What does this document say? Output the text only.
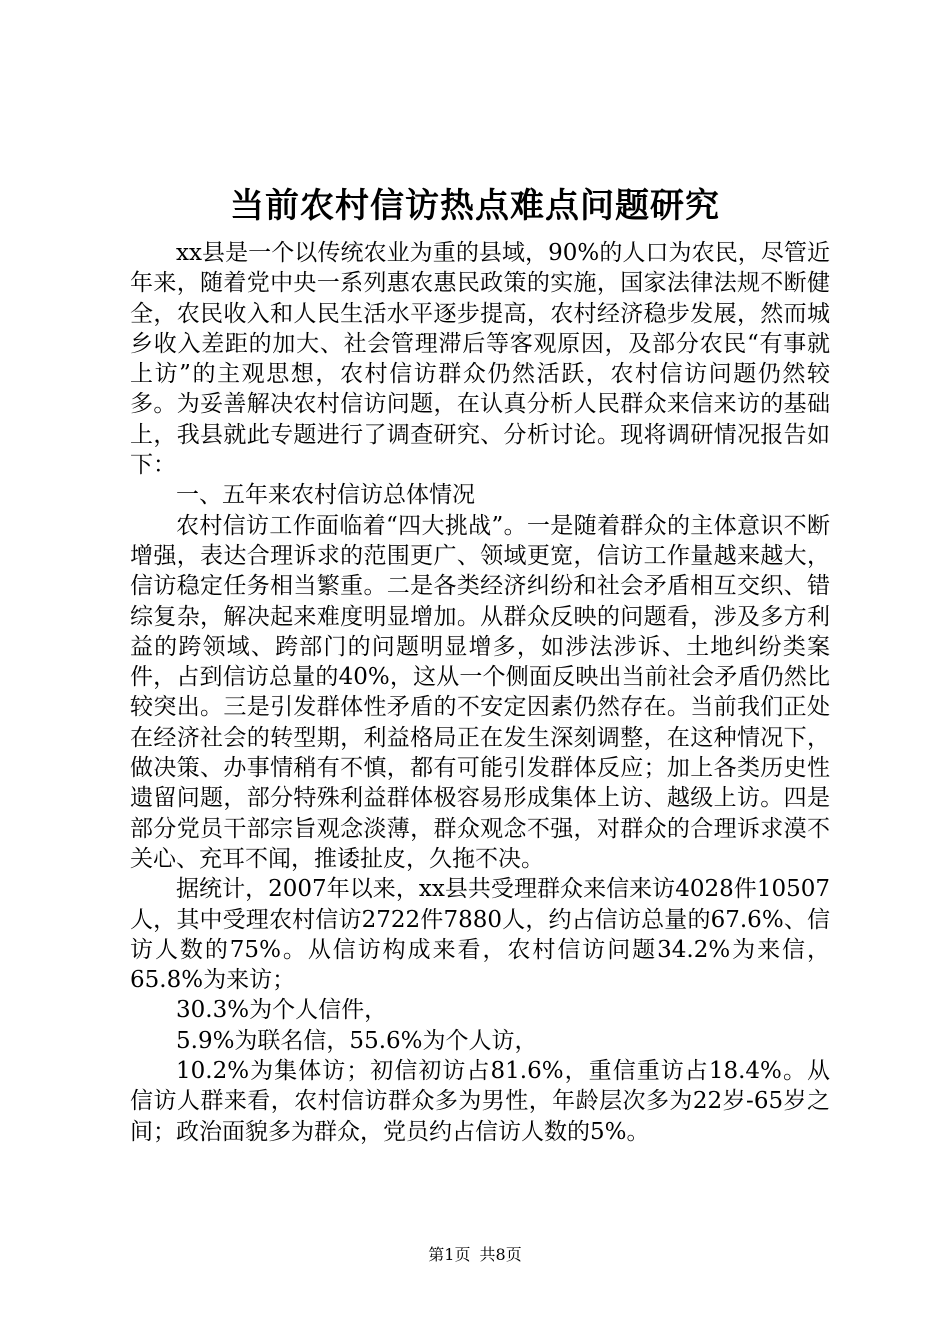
当前农村信访热点难点问题研究

xx县是一个以传统农业为重的县域，90%的人口为农民，尽管近年来，随着党中央一系列惠农惠民政策的实施，国家法律法规不断健全，农民收入和人民生活水平逐步提高，农村经济稳步发展，然而城乡收入差距的加大、社会管理滞后等客观原因，及部分农民“有事就上访”的主观思想，农村信访群众仍然活跃，农村信访问题仍然较多。为妥善解决农村信访问题，在认真分析人民群众来信来访的基础上，我县就此专题进行了调查研究、分析讨论。现将调研情况报告如下：

一、五年来农村信访总体情况

农村信访工作面临着“四大挑战”。一是随着群众的主体意识不断增强，表达合理诉求的范围更广、领域更宽，信访工作量越来越大，信访稳定任务相当繁重。二是各类经济纠纷和社会矛盾相互交织、错综复杂，解决起来难度明显增加。从群众反映的问题看，涉及多方利益的跨领域、跨部门的问题明显增多，如涉法涉诉、土地纠纷类案件，占到信访总量的40%，这从一个侧面反映出当前社会矛盾仍然比较突出。三是引发群体性矛盾的不安定因素仍然存在。当前我们正处在经济社会的转型期，利益格局正在发生深刻调整，在这种情况下，做决策、办事情稍有不慎，都有可能引发群体反应；加上各类历史性遗留问题，部分特殊利益群体极容易形成集体上访、越级上访。四是部分党员干部宗旨观念淡薄，群众观念不强，对群众的合理诉求漠不关心、充耳不闻，推诿扯皮，久拖不决。

据统计，2007年以来，xx县共受理群众来信来访4028件10507人，其中受理农村信访2722件7880人，约占信访总量的67.6%、信访人数的75%。从信访构成来看，农村信访问题34.2%为来信，65.8%为来访；

30.3%为个人信件，

5.9%为联名信，55.6%为个人访，

10.2%为集体访；初信初访占81.6%，重信重访占18.4%。从信访人群来看，农村信访群众多为男性，年龄层次多为22岁-65岁之间；政治面貌多为群众，党员约占信访人数的5%。

第1页 共8页
